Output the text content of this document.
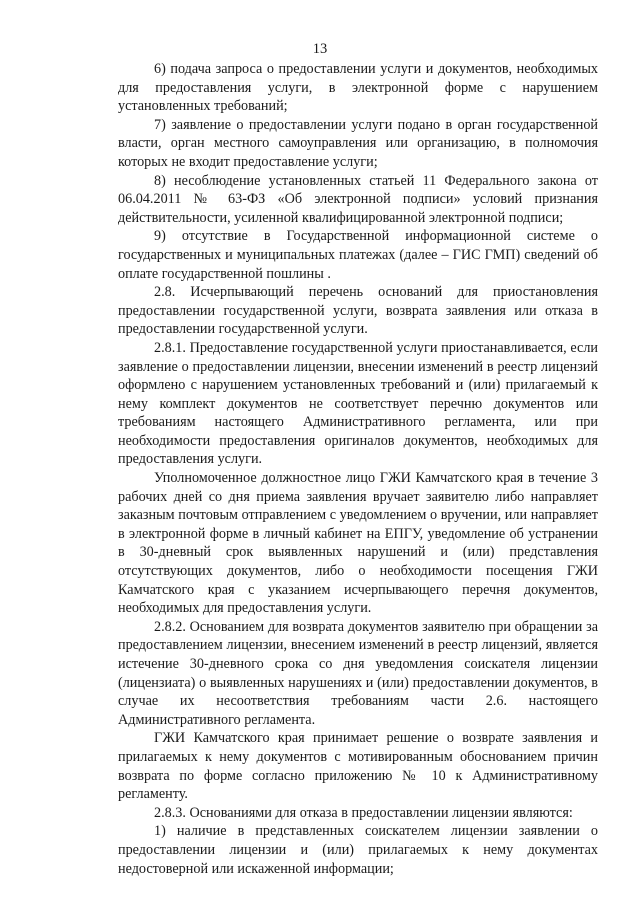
13

6) подача запроса о предоставлении услуги и документов, необходимых для предоставления услуги, в электронной форме с нарушением установленных требований;

7) заявление о предоставлении услуги подано в орган государственной власти, орган местного самоуправления или организацию, в полномочия которых не входит предоставление услуги;

8) несоблюдение установленных статьей 11 Федерального закона от 06.04.2011 № 63-ФЗ «Об электронной подписи» условий признания действительности, усиленной квалифицированной электронной подписи;

9) отсутствие в Государственной информационной системе о государственных и муниципальных платежах (далее – ГИС ГМП) сведений об оплате государственной пошлины .

2.8. Исчерпывающий перечень оснований для приостановления предоставлении государственной услуги, возврата заявления или отказа в предоставлении государственной услуги.

2.8.1. Предоставление государственной услуги приостанавливается, если заявление о предоставлении лицензии, внесении изменений в реестр лицензий оформлено с нарушением установленных требований и (или) прилагаемый к нему комплект документов не соответствует перечню документов или требованиям настоящего Административного регламента, или при необходимости предоставления оригиналов документов, необходимых для предоставления услуги.

Уполномоченное должностное лицо ГЖИ Камчатского края в течение 3 рабочих дней со дня приема заявления вручает заявителю либо направляет заказным почтовым отправлением с уведомлением о вручении, или направляет в электронной форме в личный кабинет на ЕПГУ, уведомление об устранении в 30-дневный срок выявленных нарушений и (или) представления отсутствующих документов, либо о необходимости посещения ГЖИ Камчатского края с указанием исчерпывающего перечня документов, необходимых для предоставления услуги.

2.8.2. Основанием для возврата документов заявителю при обращении за предоставлением лицензии, внесением изменений в реестр лицензий, является истечение 30-дневного срока со дня уведомления соискателя лицензии (лицензиата) о выявленных нарушениях и (или) предоставлении документов, в случае их несоответствия требованиям части 2.6. настоящего Административного регламента.

ГЖИ Камчатского края принимает решение о возврате заявления и прилагаемых к нему документов с мотивированным обоснованием причин возврата по форме согласно приложению № 10 к Административному регламенту.

2.8.3. Основаниями для отказа в предоставлении лицензии являются:

1) наличие в представленных соискателем лицензии заявлении о предоставлении лицензии и (или) прилагаемых к нему документах недостоверной или искаженной информации;
